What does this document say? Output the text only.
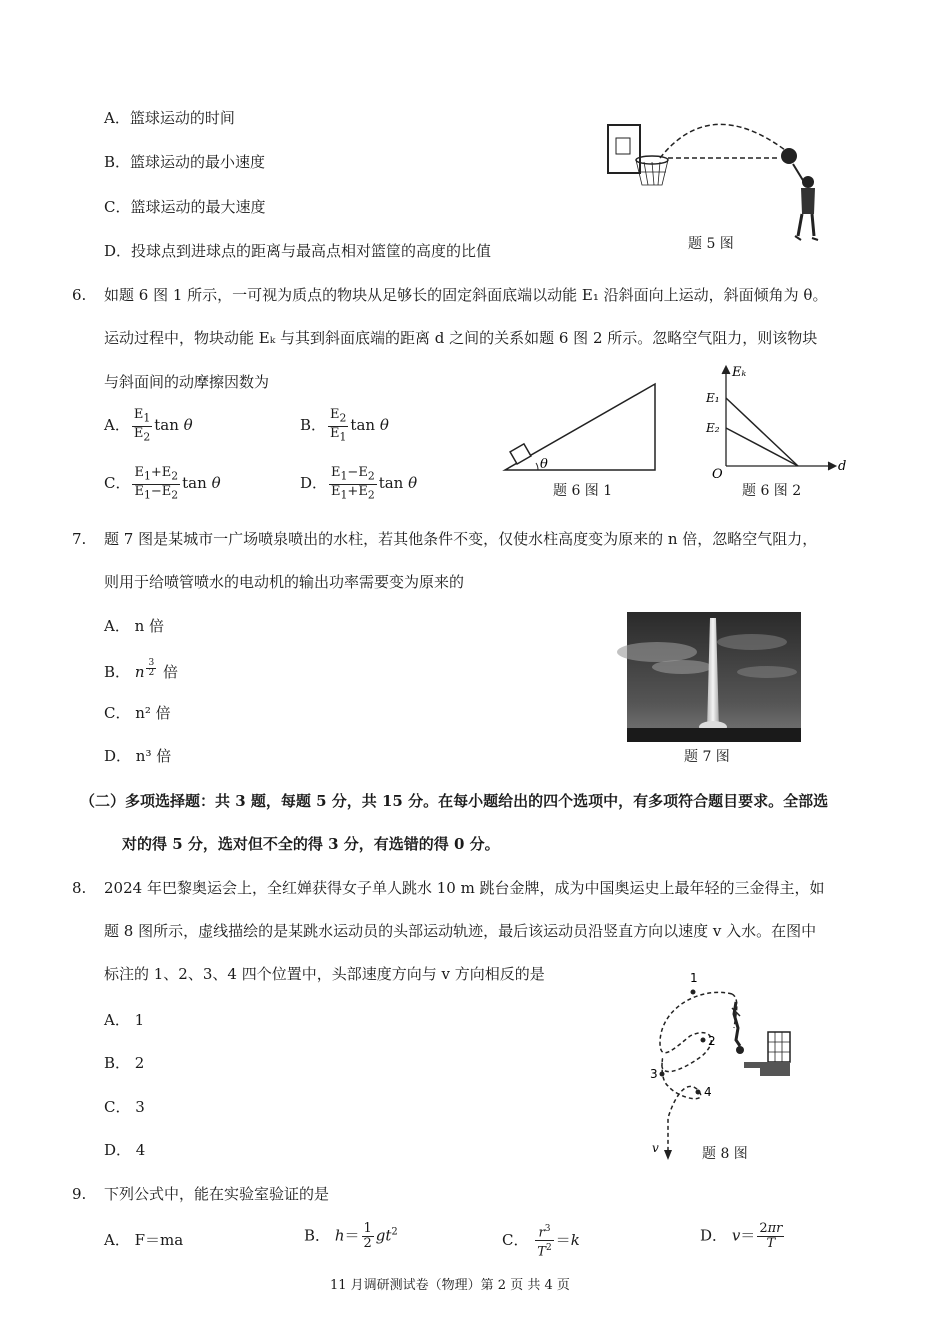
A．篮球运动的时间
B．篮球运动的最小速度
C．篮球运动的最大速度
D．投球点到进球点的距离与最高点相对篮筐的高度的比值	题 5 图
6. 如题 6 图 1 所示，一可视为质点的物块从足够长的固定斜面底端以动能 E₁ 沿斜面向上运动，斜面倾角为 θ。
运动过程中，物块动能 Eₖ 与其到斜面底端的距离 d 之间的关系如题 6 图 2 所示。忽略空气阻力，则该物块
与斜面间的动摩擦因数为
A． $\frac{E_1}{E_2}$ tan θ	B． $\frac{E_2}{E_1}$ tan θ
C． $\frac{E_1+E_2}{E_1-E_2}$ tan θ	D． $\frac{E_1-E_2}{E_1+E_2}$ tan θ
θ
题 6 图 1
Eₖ
E₁
E₂
O
d
题 6 图 2
7. 题 7 图是某城市一广场喷泉喷出的水柱，若其他条件不变，仅使水柱高度变为原来的 n 倍，忽略空气阻力，
则用于给喷管喷水的电动机的输出功率需要变为原来的
A． n 倍
B． n $^{\frac{3}{2}}$ 倍
C． n² 倍
D． n³ 倍	题 7 图
（二）多项选择题：共 3 题，每题 5 分，共 15 分。在每小题给出的四个选项中，有多项符合题目要求。全部选
对的得 5 分，选对但不全的得 3 分，有选错的得 0 分。
8. 2024 年巴黎奥运会上，全红婵获得女子单人跳水 10 m 跳台金牌，成为中国奥运史上最年轻的三金得主，如
题 8 图所示，虚线描绘的是某跳水运动员的头部运动轨迹，最后该运动员沿竖直方向以速度 v 入水。在图中
标注的 1、2、3、4 四个位置中，头部速度方向与 v 方向相反的是
A． 1
B． 2
C． 3
D． 4
1
2
3
4
v	题 8 图
9. 下列公式中，能在实验室验证的是
A． F＝ma	B． $h= \frac{1}{2} gt^2$	C． $\frac{r^3}{T^2} =k$	D． $v= \frac{2\pi r}{T}$
11 月调研测试卷（物理）第 2 页 共 4 页
